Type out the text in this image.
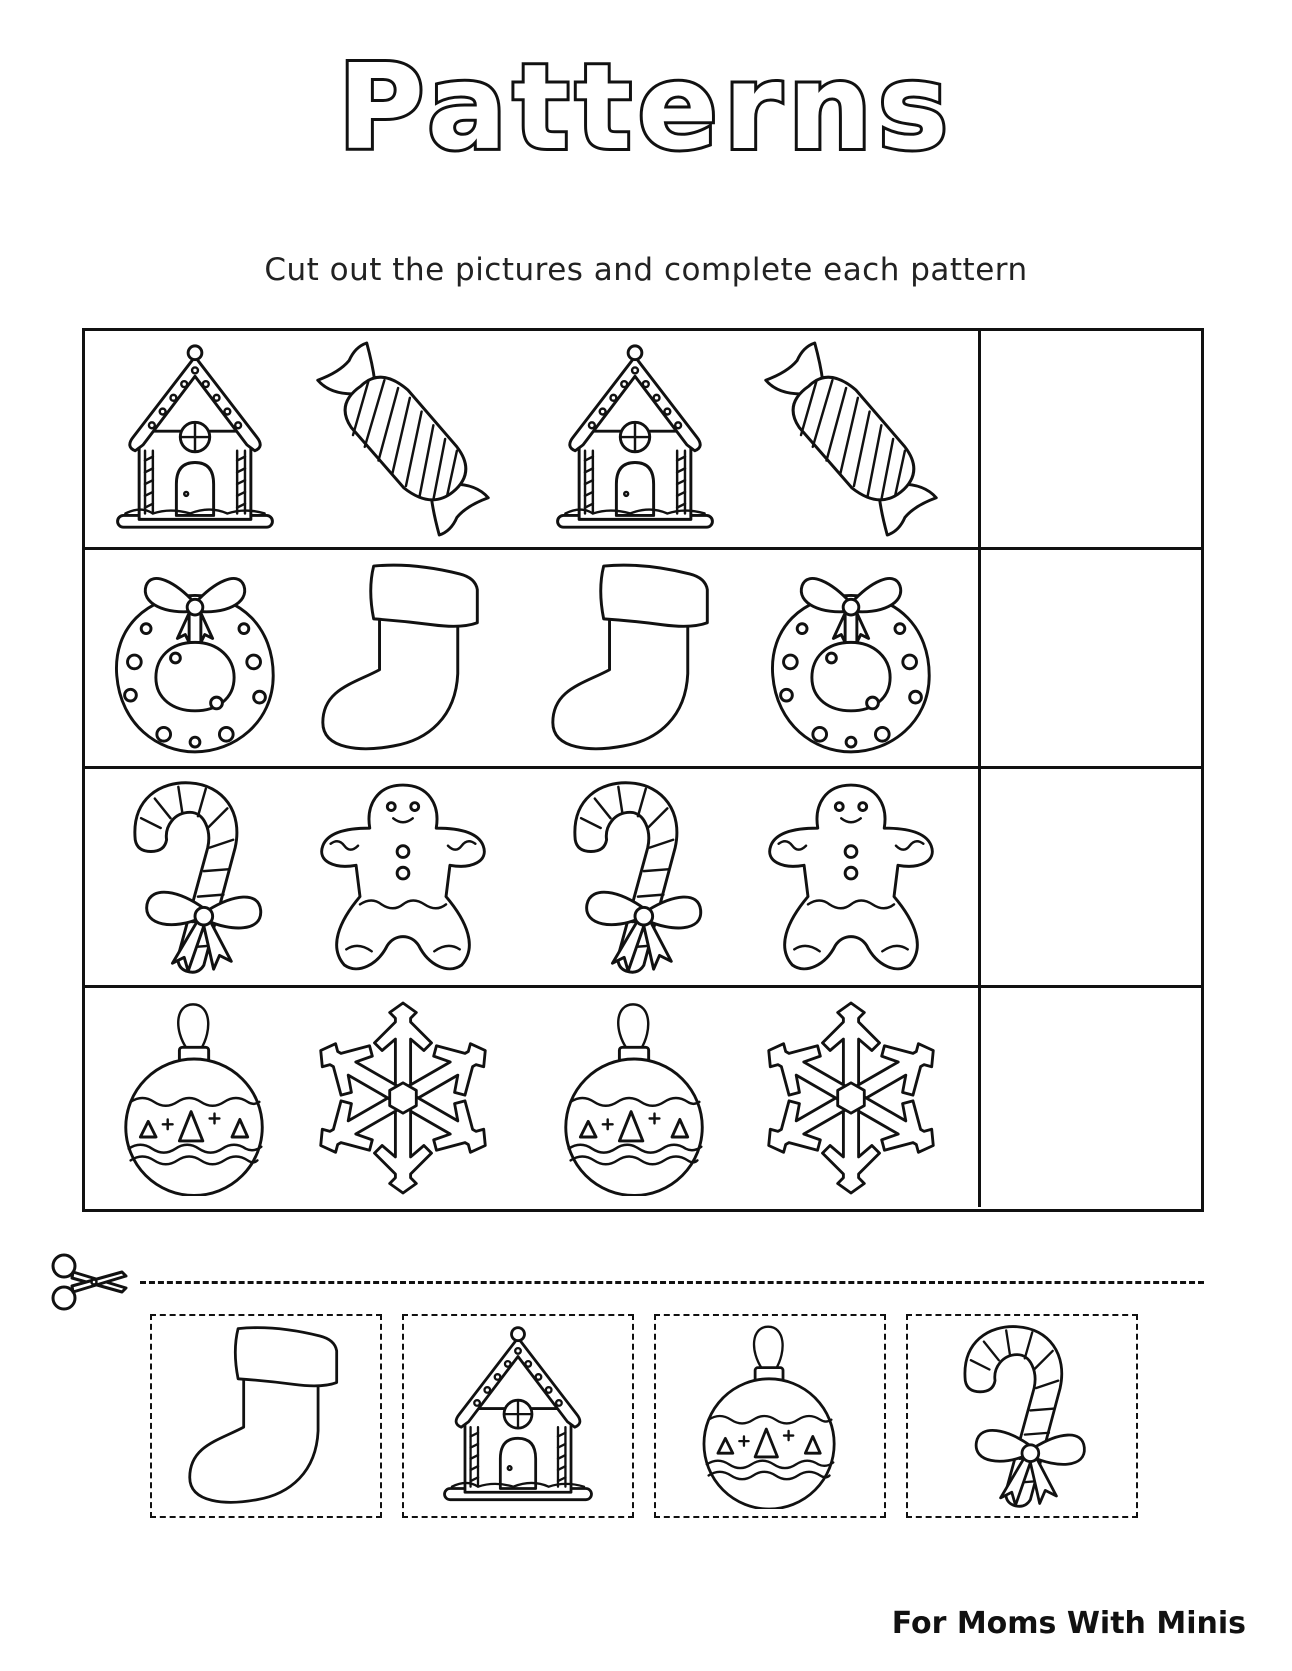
Patterns
Cut out the pictures and complete each pattern
For Moms With Minis
